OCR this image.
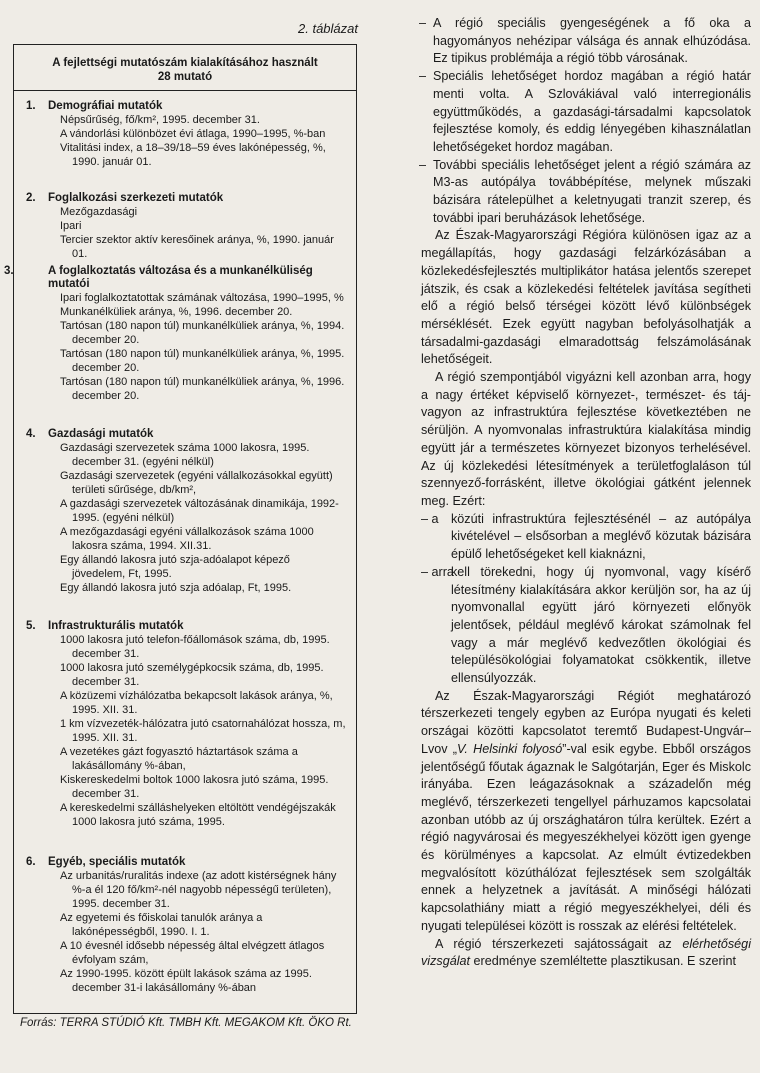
2. táblázat
A fejlettségi mutatószám kialakításához használt
28 mutató
1. Demográfiai mutatók
Népsűrűség, fő/km², 1995. december 31.
A vándorlási különbözet évi átlaga, 1990–1995, %-ban
Vitalitási index, a 18–39/18–59 éves lakónépesség, %, 1990. január 01.
2. Foglalkozási szerkezeti mutatók
Mezőgazdasági
Ipari
Tercier szektor aktív keresőinek aránya, %, 1990. január 01.
3.	A foglalkoztatás változása és a munkanélküliség mutatói
Ipari foglalkoztatottak számának változása, 1990–1995, %
Munkanélküliek aránya, %, 1996. december 20.
Tartósan (180 napon túl) munkanélküliek aránya, %, 1994. december 20.
Tartósan (180 napon túl) munkanélküliek aránya, %, 1995. december 20.
Tartósan (180 napon túl) munkanélküliek aránya, %, 1996. december 20.
4. Gazdasági mutatók
Gazdasági szervezetek száma 1000 lakosra, 1995. december 31. (egyéni nélkül)
Gazdasági szervezetek (egyéni vállalkozásokkal együtt) területi sűrűsége, db/km²,
A gazdasági szervezetek változásának dinamikája, 1992-1995. (egyéni nélkül)
A mezőgazdasági egyéni vállalkozások száma 1000 lakosra száma, 1994. XII.31.
Egy állandó lakosra jutó szja-adóalapot képező jövedelem, Ft, 1995.
Egy állandó lakosra jutó szja adóalap, Ft, 1995.
5. Infrastrukturális mutatók
1000 lakosra jutó telefon-főállomások száma, db, 1995. december 31.
1000 lakosra jutó személygépkocsik száma, db, 1995. december 31.
A közüzemi vízhálózatba bekapcsolt lakások aránya, %, 1995. XII. 31.
1 km vízvezeték-hálózatra jutó csatornahálózat hossza, m, 1995. XII. 31.
A vezetékes gázt fogyasztó háztartások száma a lakásállomány %-ában,
Kiskereskedelmi boltok 1000 lakosra jutó száma, 1995. december 31.
A kereskedelmi szálláshelyeken eltöltött vendégéjszakák 1000 lakosra jutó száma, 1995.
6. Egyéb, speciális mutatók
Az urbanitás/ruralitás indexe (az adott kistérségnek hány %-a él 120 fő/km²-nél nagyobb népességű területen), 1995. december 31.
Az egyetemi és főiskolai tanulók aránya a lakónépességből, 1990. I. 1.
A 10 évesnél idősebb népesség által elvégzett átlagos évfolyam szám,
Az 1990-1995. között épült lakások száma az 1995. december 31-i lakásállomány %-ában
Forrás: TERRA STÚDIÓ Kft. TMBH Kft. MEGAKOM Kft. ÖKO Rt.

– A régió speciális gyengeségének a fő oka a hagyományos nehézipar válsága és annak elhúzódása. Ez tipikus problémája a régió több városának.

– Speciális lehetőséget hordoz magában a régió határ menti volta. A Szlovákiával való interregionális együttműködés, a gazdasági-társadalmi kapcsolatok fejlesztése komoly, és eddig lényegében kihasználatlan lehetőségeket hordoz magában.

– További speciális lehetőséget jelent a régió számára az M3-as autópálya továbbépítése, melynek műszaki bázisára rátelepülhet a keletnyugati tranzit szerep, és további ipari beruházások lehetősége.

Az Észak-Magyarországi Régióra különösen igaz az a megállapítás, hogy gazdasági felzárkózásában a közlekedésfejlesztés multiplikátor hatása jelentős szerepet játszik, és csak a közlekedési feltételek javítása segítheti elő a régió belső térségei között lévő különbségek mérséklését. Ezek együtt nagyban befolyásolhatják a társadalmi-gazdasági elmaradottság felszámolásának lehetőségeit.

A régió szempontjából vigyázni kell azonban arra, hogy a nagy értéket képviselő környezet-, természet- és táj-vagyon az infrastruktúra fejlesztése következtében ne sérüljön. A nyomvonalas infrastruktúra kialakítása mindig együtt jár a természetes környezet bizonyos terhelésével. Az új közlekedési létesítmények a területfoglaláson túl szennyező-forrásként, illetve ökológiai gátként jelennek meg. Ezért:

– a közúti infrastruktúra fejlesztésénél – az autópálya kivételével – elsősorban a meglévő közutak bázisára épülő lehetőségeket kell kiaknázni,

– arra
kell törekedni, hogy új nyomvonal, vagy kísérő létesítmény kialakítására akkor kerüljön sor, ha az új nyomvonallal együtt járó környezeti előnyök jelentősek, például meglévő károkat számolnak fel vagy a már meglévő kedvezőtlen ökológiai és településökológiai folyamatokat csökkentik, illetve ellensúlyozzák.

Az Észak-Magyarországi Régiót meghatározó térszerkezeti tengely egyben az Európa nyugati és keleti országai közötti kapcsolatot teremtő Budapest-Ungvár–Lvov „V. Helsinki folyosó”-val esik egybe. Ebből országos jelentőségű főutak ágaznak le Salgótarján, Eger és Miskolc irányába. Ezen leágazásoknak a századelőn még meglévő, térszerkezeti tengellyel párhuzamos kapcsolatai azonban utóbb az új országhatáron túlra kerültek. Ezért a régió nagyvárosai és megyeszékhelyei között igen gyenge és körülményes a kapcsolat. Az elmúlt évtizedekben megvalósított közúthálózat fejlesztések sem szolgálták ennek a helyzetnek a javítását. A minőségi hálózati kapcsolathiány miatt a régió megyeszékhelyei, déli és nyugati települései között is rosszak az elérési feltételek.

A régió térszerkezeti sajátosságait az elérhetőségi vizsgálat eredménye szemléltette plasztikusan. E szerint
